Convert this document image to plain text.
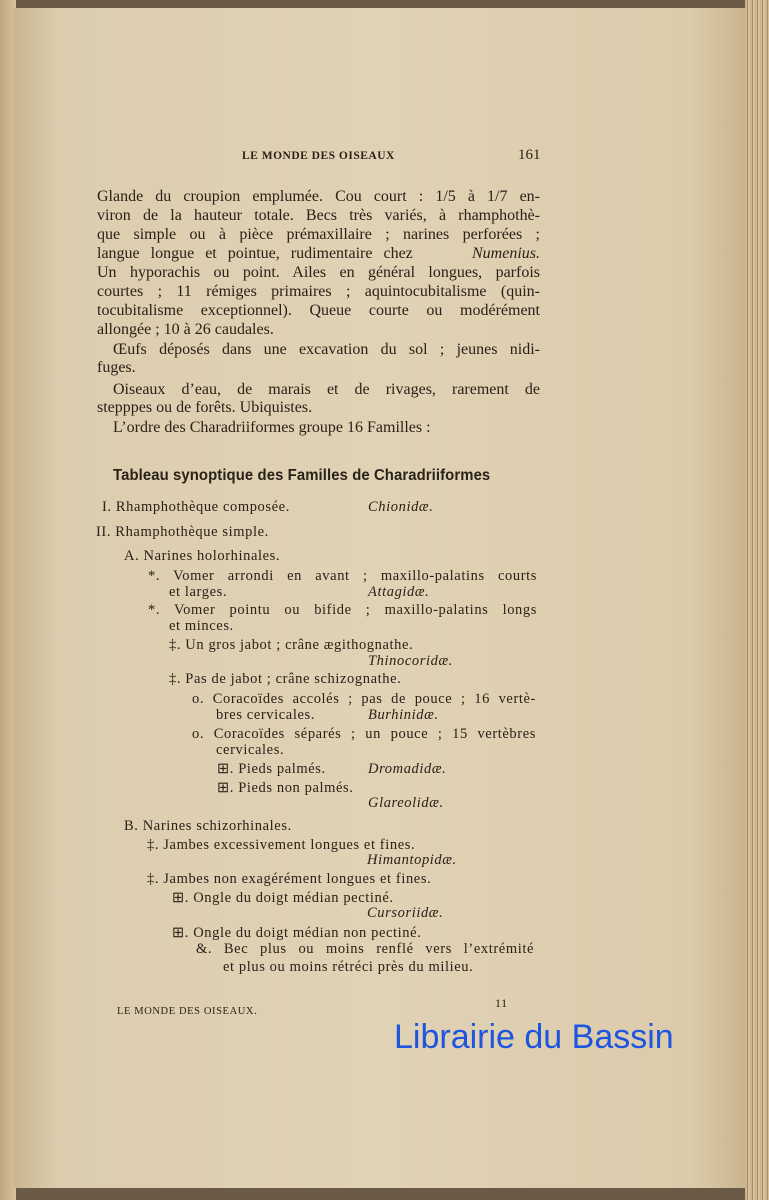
LE MONDE DES OISEAUX	161
Glande du croupion emplumée. Cou court : 1/5 à 1/7 en-
viron de la hauteur totale. Becs très variés, à rhamphothè-
que simple ou à pièce prémaxillaire ; narines perforées ;
langue longue et pointue, rudimentaire chez	Numenius.
Un hyporachis ou point. Ailes en général longues, parfois
courtes ; 11 rémiges primaires ; aquintocubitalisme (quin-
tocubitalisme exceptionnel). Queue courte ou modérément
allongée ; 10 à 26 caudales.
Œufs déposés dans une excavation du sol ; jeunes nidi-
fuges.
Oiseaux d’eau, de marais et de rivages, rarement de
stepppes ou de forêts. Ubiquistes.
L’ordre des Charadriiformes groupe 16 Familles :
Tableau synoptique des Familles de Charadriiformes
I. Rhamphothèque composée.	Chionidæ.
II. Rhamphothèque simple.
A. Narines holorhinales.
*. Vomer arrondi en avant ; maxillo-palatins courts
et larges.	Attagidæ.
*. Vomer pointu ou bifide ; maxillo-palatins longs
et minces.
‡. Un gros jabot ; crâne ægithognathe.
Thinocoridæ.
‡. Pas de jabot ; crâne schizognathe.
o. Coracoïdes accolés ; pas de pouce ; 16 vertè-
bres cervicales.	Burhinidæ.
o. Coracoïdes séparés ; un pouce ; 15 vertèbres
cervicales.
⊞. Pieds palmés.	Dromadidæ.
⊞. Pieds non palmés.
Glareolidæ.
B. Narines schizorhinales.
‡. Jambes excessivement longues et fines.
Himantopidæ.
‡. Jambes non exagérément longues et fines.
⊞. Ongle du doigt médian pectiné.
Cursoriidæ.
⊞. Ongle du doigt médian non pectiné.
&. Bec plus ou moins renflé vers l’extrémité
et plus ou moins rétréci près du milieu.
LE MONDE DES OISEAUX.
11
Librairie du Bassin
